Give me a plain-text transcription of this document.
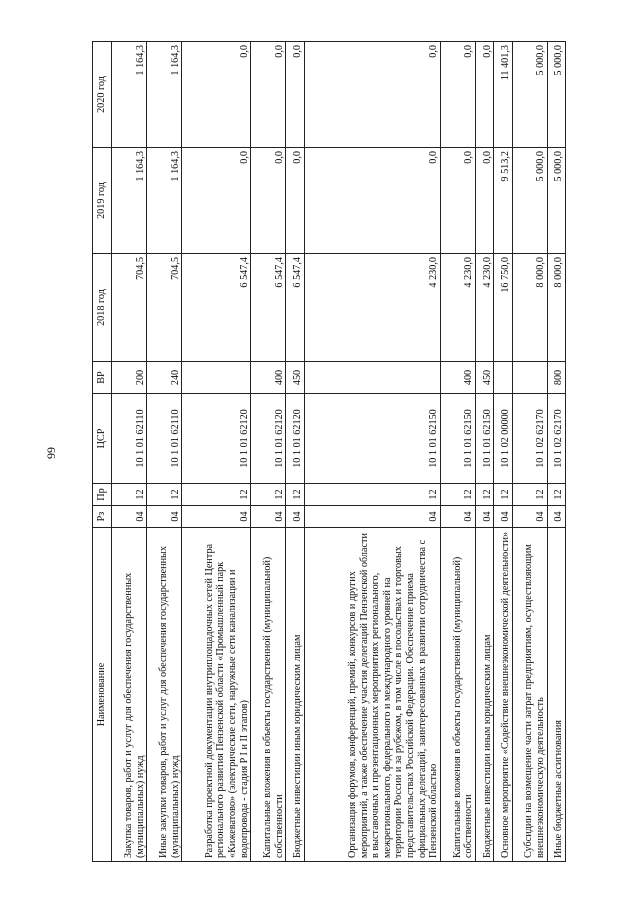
99
Наименование	Рз	Пр	ЦСР	ВР	2018 год	2019 год	2020 год
Закупка товаров, работ и услуг для обеспечения государственных (муниципальных) нужд	04	12	10 1 01 62110	200	704,5	1 164,3	1 164,3
Иные закупки товаров, работ и услуг для обеспечения государственных (муниципальных) нужд	04	12	10 1 01 62110	240	704,5	1 164,3	1 164,3
Разработка проектной документации внутриплощадочных сетей Центра регионального развития Пензенской области «Промышленный парк «Кижеватово» (электрические сети, наружные сети канализации и водопровода - стадия P I и II этапов)	04	12	10 1 01 62120		6 547,4	0,0	0,0
Капитальные вложения в объекты государственной (муниципальной) собственности	04	12	10 1 01 62120	400	6 547,4	0,0	0,0
Бюджетные инвестиции иным юридическим лицам	04	12	10 1 01 62120	450	6 547,4	0,0	0,0
Организация форумов, конференций, премий, конкурсов и других мероприятий, а также обеспечение участия делегаций Пензенской области в выставочных и презентационных мероприятиях регионального, межрегионального, федерального и международного уровней на территории России и за рубежом, в том числе в посольствах и торговых представительствах Российской Федерации. Обеспечение приема официальных делегаций, заинтересованных в развитии сотрудничества с Пензенской областью	04	12	10 1 01 62150		4 230,0	0,0	0,0
Капитальные вложения в объекты государственной (муниципальной) собственности	04	12	10 1 01 62150	400	4 230,0	0,0	0,0
Бюджетные инвестиции иным юридическим лицам	04	12	10 1 01 62150	450	4 230,0	0,0	0,0
Основное мероприятие «Содействие внешнеэкономической деятельности»	04	12	10 1 02 00000		16 750,0	9 513,2	11 401,3
Субсидии на возмещение части затрат предприятиям, осуществляющим внешнеэкономическую деятельность	04	12	10 1 02 62170		8 000,0	5 000,0	5 000,0
Иные бюджетные ассигнования	04	12	10 1 02 62170	800	8 000,0	5 000,0	5 000,0
